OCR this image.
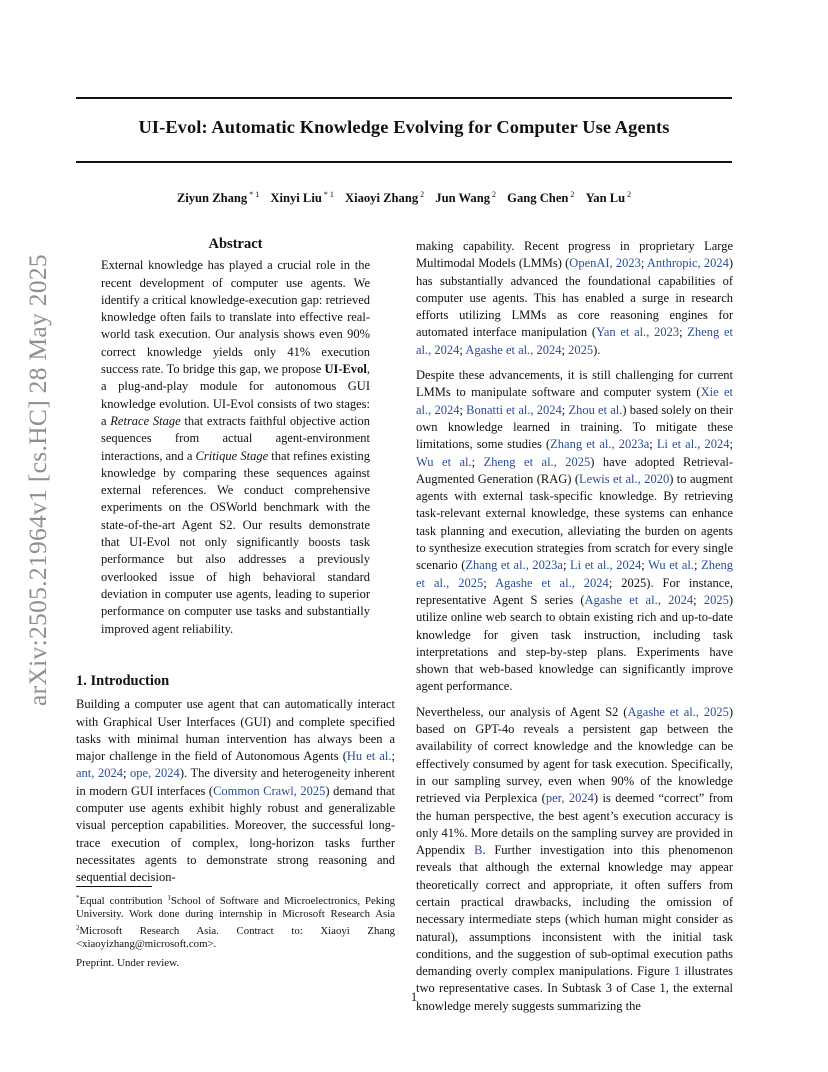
UI-Evol: Automatic Knowledge Evolving for Computer Use Agents
Ziyun Zhang $^{* 1}$ Xinyi Liu $^{* 1}$ Xiaoyi Zhang $^2$ Jun Wang $^2$ Gang Chen $^2$ Yan Lu $^2$
arXiv:2505.21964v1 [cs.HC] 28 May 2025
Abstract

External knowledge has played a crucial role in the recent development of computer use agents. We identify a critical knowledge-execution gap: retrieved knowledge often fails to translate into effective real-world task execution. Our analysis shows even 90% correct knowledge yields only 41% execution success rate. To bridge this gap, we propose UI-Evol, a plug-and-play module for autonomous GUI knowledge evolution. UI-Evol consists of two stages: a Retrace Stage that extracts faithful objective action sequences from actual agent-environment interactions, and a Critique Stage that refines existing knowledge by comparing these sequences against external references. We conduct comprehensive experiments on the OSWorld benchmark with the state-of-the-art Agent S2. Our results demonstrate that UI-Evol not only significantly boosts task performance but also addresses a previously overlooked issue of high behavioral standard deviation in computer use agents, leading to superior performance on computer use tasks and substantially improved agent reliability.

1. Introduction

Building a computer use agent that can automatically interact with Graphical User Interfaces (GUI) and complete specified tasks with minimal human intervention has always been a major challenge in the field of Autonomous Agents (Hu et al.; ant, 2024; ope, 2024). The diversity and heterogeneity inherent in modern GUI interfaces (Common Crawl, 2025) demand that computer use agents exhibit highly robust and generalizable visual perception capabilities. Moreover, the successful long-trace execution of complex, long-horizon tasks further necessitates agents to demonstrate strong reasoning and sequential decision-

*Equal contribution $^1$School of Software and Microelectronics, Peking University. Work done during internship in Microsoft Research Asia $^2$Microsoft Research Asia. Contract to: Xiaoyi Zhang <xiaoyizhang@microsoft.com>.

Preprint. Under review.
1

making capability. Recent progress in proprietary Large Multimodal Models (LMMs) (OpenAI, 2023; Anthropic, 2024) has substantially advanced the foundational capabilities of computer use agents. This has enabled a surge in research efforts utilizing LMMs as core reasoning engines for automated interface manipulation (Yan et al., 2023; Zheng et al., 2024; Agashe et al., 2024; 2025).

Despite these advancements, it is still challenging for current LMMs to manipulate software and computer system (Xie et al., 2024; Bonatti et al., 2024; Zhou et al.) based solely on their own knowledge learned in training. To mitigate these limitations, some studies (Zhang et al., 2023a; Li et al., 2024; Wu et al.; Zheng et al., 2025) have adopted Retrieval-Augmented Generation (RAG) (Lewis et al., 2020) to augment agents with external task-specific knowledge. By retrieving task-relevant external knowledge, these systems can enhance task planning and execution, alleviating the burden on agents to synthesize execution strategies from scratch for every single scenario (Zhang et al., 2023a; Li et al., 2024; Wu et al.; Zheng et al., 2025; Agashe et al., 2024; 2025). For instance, representative Agent S series (Agashe et al., 2024; 2025) utilize online web search to obtain existing rich and up-to-date knowledge for given task instruction, including task interpretations and step-by-step plans. Experiments have shown that web-based knowledge can significantly improve agent performance.

Nevertheless, our analysis of Agent S2 (Agashe et al., 2025) based on GPT-4o reveals a persistent gap between the availability of correct knowledge and the knowledge can be effectively consumed by agent for task execution. Specifically, in our sampling survey, even when 90% of the knowledge retrieved via Perplexica (per, 2024) is deemed “correct” from the human perspective, the best agent’s execution accuracy is only 41%. More details on the sampling survey are provided in Appendix B. Further investigation into this phenomenon reveals that although the external knowledge may appear theoretically correct and appropriate, it often suffers from certain practical drawbacks, including the omission of necessary intermediate steps (which human might consider as natural), assumptions inconsistent with the initial task conditions, and the suggestion of sub-optimal execution paths demanding overly complex manipulations. Figure 1 illustrates two representative cases. In Subtask 3 of Case 1, the external knowledge merely suggests summarizing the
